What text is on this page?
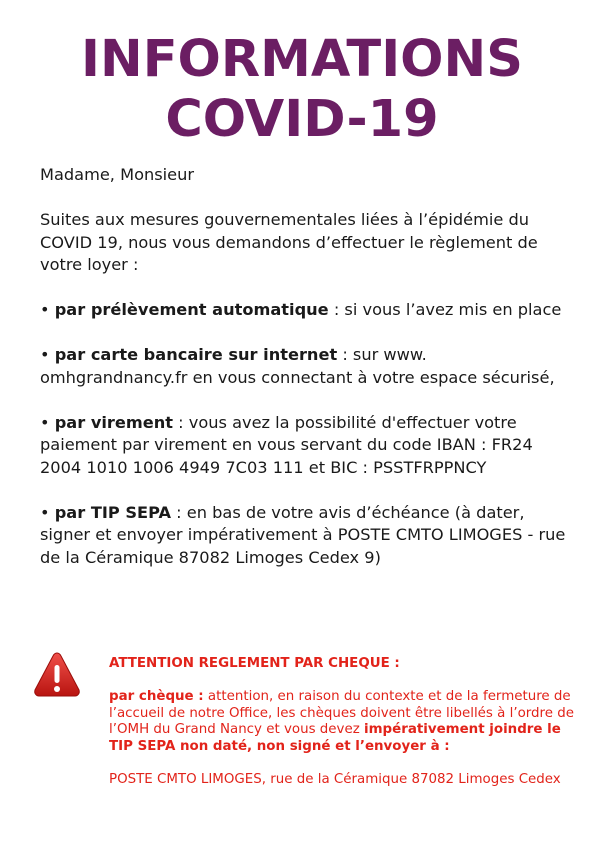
INFORMATIONS
COVID-19

Madame, Monsieur

Suites aux mesures gouvernementales liées à l’épidémie du COVID 19, nous vous demandons d’effectuer le règlement de votre loyer :

• par prélèvement automatique : si vous l’avez mis en place

• par carte bancaire sur internet : sur www. omhgrandnancy.fr en vous connectant à votre espace sécurisé,

• par virement : vous avez la possibilité d'effectuer votre paiement par virement en vous servant du code IBAN : FR24 2004 1010 1006 4949 7C03 111 et BIC : PSSTFRPPNCY

• par TIP SEPA : en bas de votre avis d’échéance (à dater, signer et envoyer impérativement à POSTE CMTO LIMOGES - rue de la Céramique 87082 Limoges Cedex 9)

ATTENTION REGLEMENT PAR CHEQUE :

par chèque : attention, en raison du contexte et de la fermeture de l’accueil de notre Office, les chèques doivent être libellés à l’ordre de l’OMH du Grand Nancy et vous devez impérativement joindre le TIP SEPA non daté, non signé et l’envoyer à :

POSTE CMTO LIMOGES, rue de la Céramique 87082 Limoges Cedex
